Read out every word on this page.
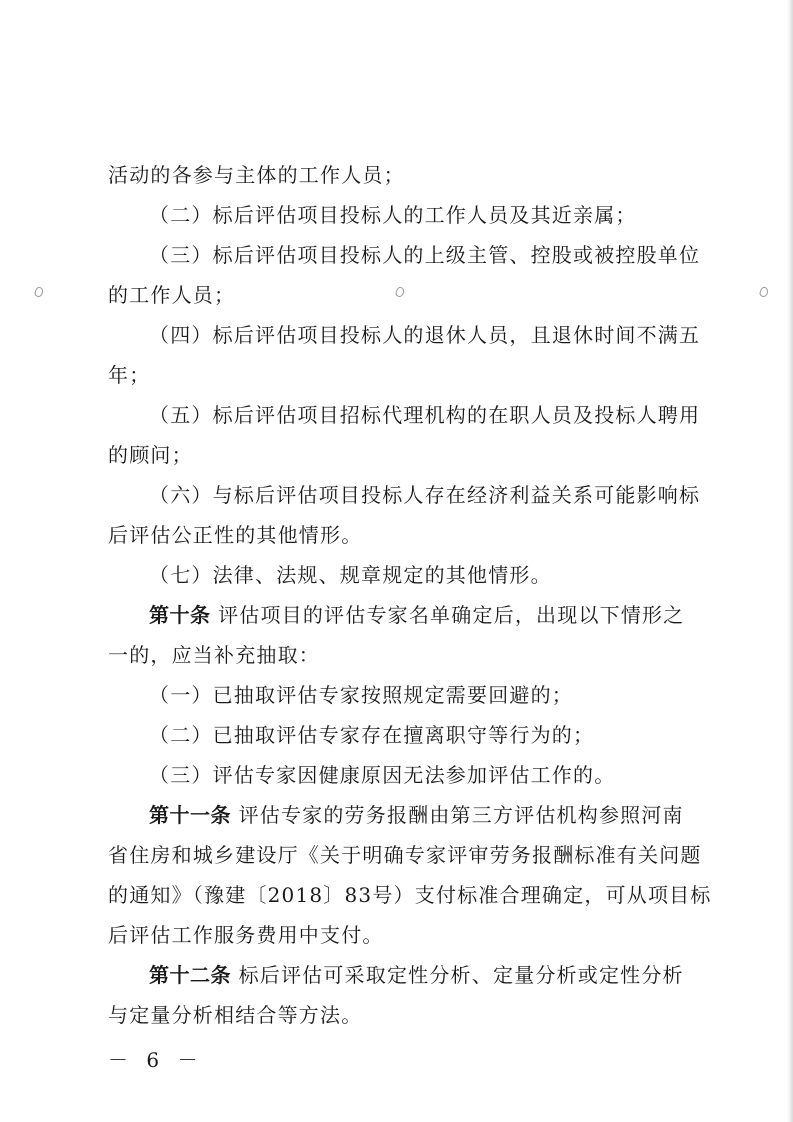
活动的各参与主体的工作人员；
（二）标后评估项目投标人的工作人员及其近亲属；
（三）标后评估项目投标人的上级主管、控股或被控股单位
的工作人员；
（四）标后评估项目投标人的退休人员，且退休时间不满五
年；
（五）标后评估项目招标代理机构的在职人员及投标人聘用
的顾问；
（六）与标后评估项目投标人存在经济利益关系可能影响标
后评估公正性的其他情形。
（七）法律、法规、规章规定的其他情形。
第十条 评估项目的评估专家名单确定后，出现以下情形之
一的，应当补充抽取：
（一）已抽取评估专家按照规定需要回避的；
（二）已抽取评估专家存在擅离职守等行为的；
（三）评估专家因健康原因无法参加评估工作的。
第十一条 评估专家的劳务报酬由第三方评估机构参照河南
省住房和城乡建设厅《关于明确专家评审劳务报酬标准有关问题
的通知》（豫建〔2018〕83号）支付标准合理确定，可从项目标
后评估工作服务费用中支付。
第十二条 标后评估可采取定性分析、定量分析或定性分析
与定量分析相结合等方法。
－ 6 －
